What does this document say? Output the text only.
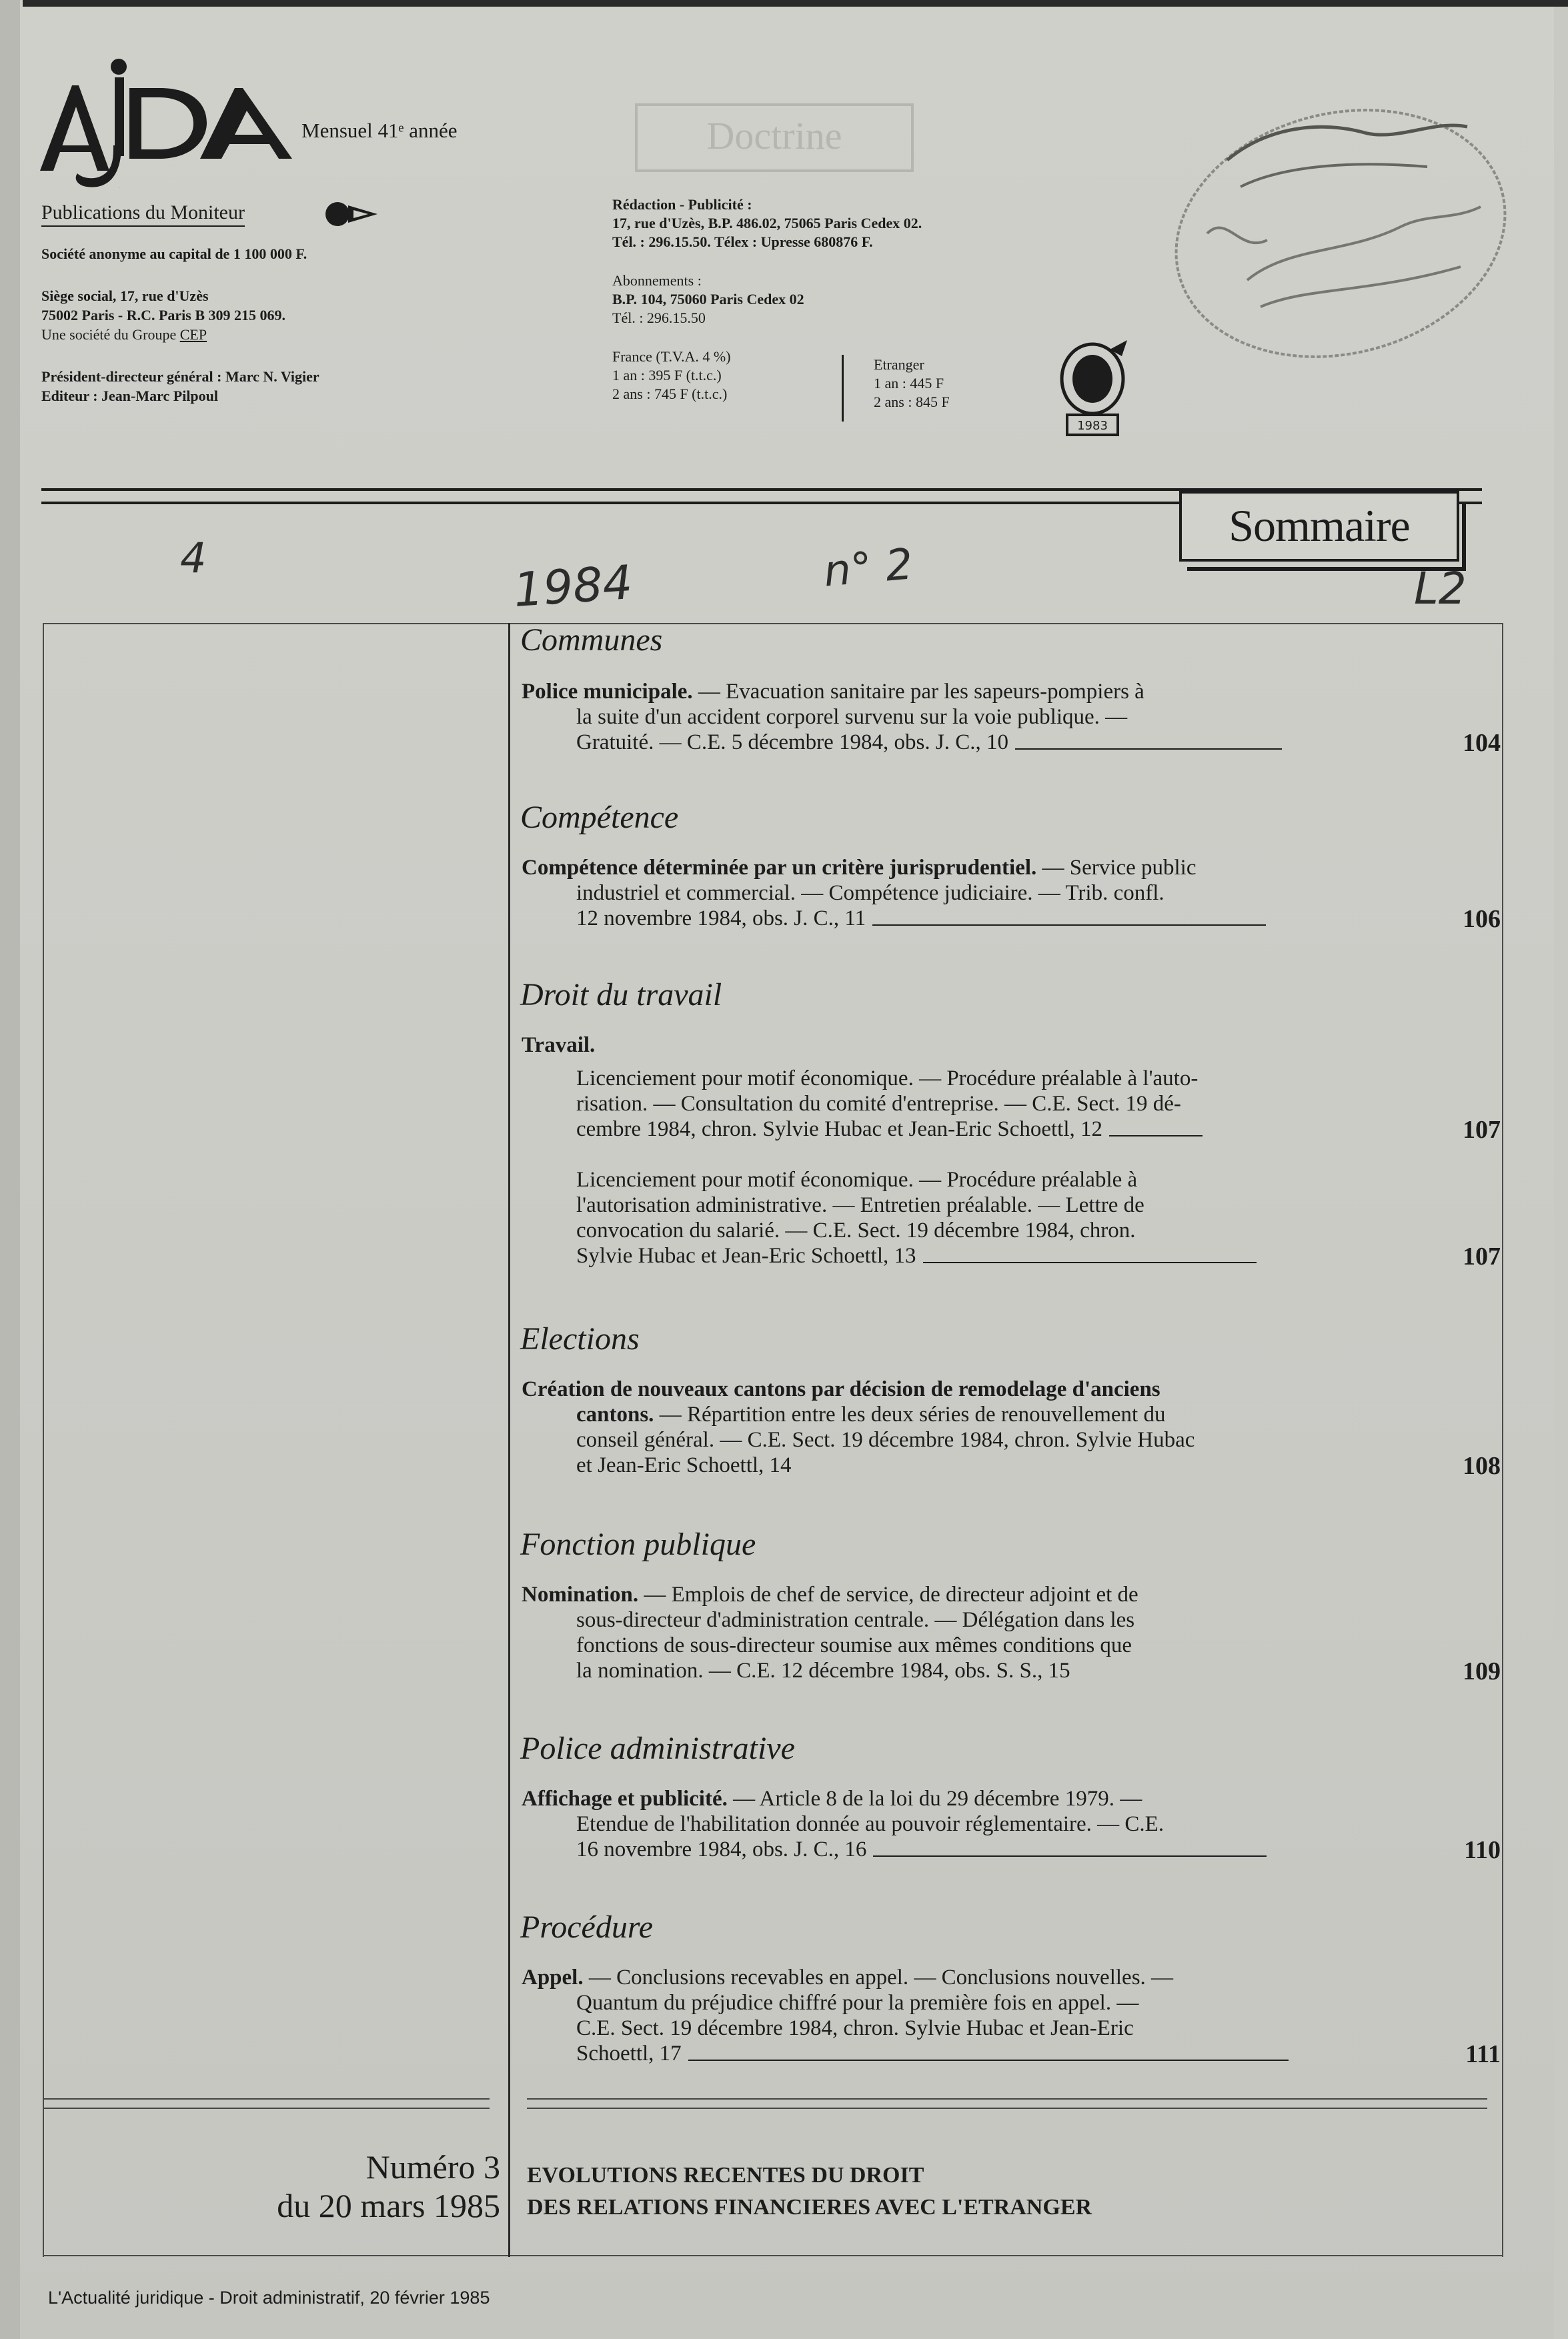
AJDA
Mensuel 41ᵉ année	Doctrine
Publications du Moniteur
Société anonyme au capital de 1 100 000 F.
Siège social, 17, rue d'Uzès
75002 Paris - R.C. Paris B 309 215 069.
Une société du Groupe CEP
Président-directeur général : Marc N. Vigier
Editeur : Jean-Marc Pilpoul
Rédaction - Publicité :
17, rue d'Uzès, B.P. 486.02, 75065 Paris Cedex 02.
Tél. : 296.15.50. Télex : Upresse 680876 F.
Abonnements :
B.P. 104, 75060 Paris Cedex 02
Tél. : 296.15.50
France (T.V.A. 4 %)
1 an : 395 F (t.t.c.)
2 ans : 745 F (t.t.c.)
Etranger
1 an : 445 F
2 ans : 845 F
1983
Sommaire
4	1984	n° 2	L2
Communes
Police municipale. — Evacuation sanitaire par les sapeurs-pompiers à
la suite d'un accident corporel survenu sur la voie publique. —
Gratuité. — C.E. 5 décembre 1984, obs. J. C., 10	104
Compétence
Compétence déterminée par un critère jurisprudentiel. — Service public
industriel et commercial. — Compétence judiciaire. — Trib. confl.
12 novembre 1984, obs. J. C., 11	106
Droit du travail
Travail.
Licenciement pour motif économique. — Procédure préalable à l'auto-
risation. — Consultation du comité d'entreprise. — C.E. Sect. 19 dé-
cembre 1984, chron. Sylvie Hubac et Jean-Eric Schoettl, 12	107
Licenciement pour motif économique. — Procédure préalable à
l'autorisation administrative. — Entretien préalable. — Lettre de
convocation du salarié. — C.E. Sect. 19 décembre 1984, chron.
Sylvie Hubac et Jean-Eric Schoettl, 13	107
Elections
Création de nouveaux cantons par décision de remodelage d'anciens
cantons. — Répartition entre les deux séries de renouvellement du
conseil général. — C.E. Sect. 19 décembre 1984, chron. Sylvie Hubac
et Jean-Eric Schoettl, 14	108
Fonction publique
Nomination. — Emplois de chef de service, de directeur adjoint et de
sous-directeur d'administration centrale. — Délégation dans les
fonctions de sous-directeur soumise aux mêmes conditions que
la nomination. — C.E. 12 décembre 1984, obs. S. S., 15	109
Police administrative
Affichage et publicité. — Article 8 de la loi du 29 décembre 1979. —
Etendue de l'habilitation donnée au pouvoir réglementaire. — C.E.
16 novembre 1984, obs. J. C., 16	110
Procédure
Appel. — Conclusions recevables en appel. — Conclusions nouvelles. —
Quantum du préjudice chiffré pour la première fois en appel. —
C.E. Sect. 19 décembre 1984, chron. Sylvie Hubac et Jean-Eric
Schoettl, 17	111
Numéro 3
du 20 mars 1985
EVOLUTIONS RECENTES DU DROIT
DES RELATIONS FINANCIERES AVEC L'ETRANGER
L'Actualité juridique - Droit administratif, 20 février 1985
